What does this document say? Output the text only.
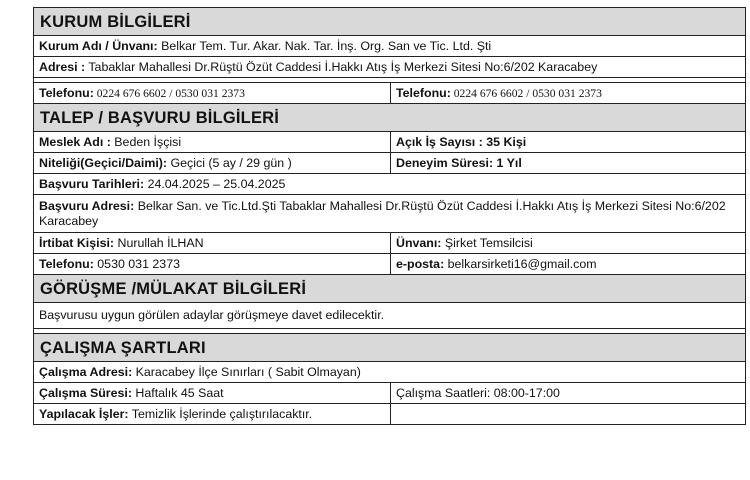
KURUM BİLGİLERİ
Kurum Adı / Ünvanı: Belkar Tem. Tur. Akar. Nak. Tar. İnş. Org. San ve Tic. Ltd. Şti
Adresi : Tabaklar Mahallesi Dr.Rüştü Özüt Caddesi İ.Hakkı Atış İş Merkezi Sitesi No:6/202 Karacabey
Telefonu: 0224 676 6602 / 0530 031 2373	Telefonu: 0224 676 6602 / 0530 031 2373
TALEP / BAŞVURU BİLGİLERİ
Meslek Adı : Beden İşçisi	Açık İş Sayısı : 35 Kişi
Niteliği(Geçici/Daimi): Geçici (5 ay / 29 gün )	Deneyim Süresi: 1 Yıl
Başvuru Tarihleri: 24.04.2025 – 25.04.2025
Başvuru Adresi: Belkar San. ve Tic.Ltd.Şti Tabaklar Mahallesi Dr.Rüştü Özüt Caddesi İ.Hakkı Atış İş Merkezi Sitesi No:6/202 Karacabey
İrtibat Kişisi: Nurullah İLHAN	Ünvanı: Şirket Temsilcisi
Telefonu: 0530 031 2373	e-posta: belkarsirketi16@gmail.com
GÖRÜŞME /MÜLAKAT BİLGİLERİ
Başvurusu uygun görülen adaylar görüşmeye davet edilecektir.
ÇALIŞMA ŞARTLARI
Çalışma Adresi: Karacabey İlçe Sınırları ( Sabit Olmayan)
Çalışma Süresi: Haftalık 45 Saat	Çalışma Saatleri: 08:00-17:00
Yapılacak İşler: Temizlik İşlerinde çalıştırılacaktır.
